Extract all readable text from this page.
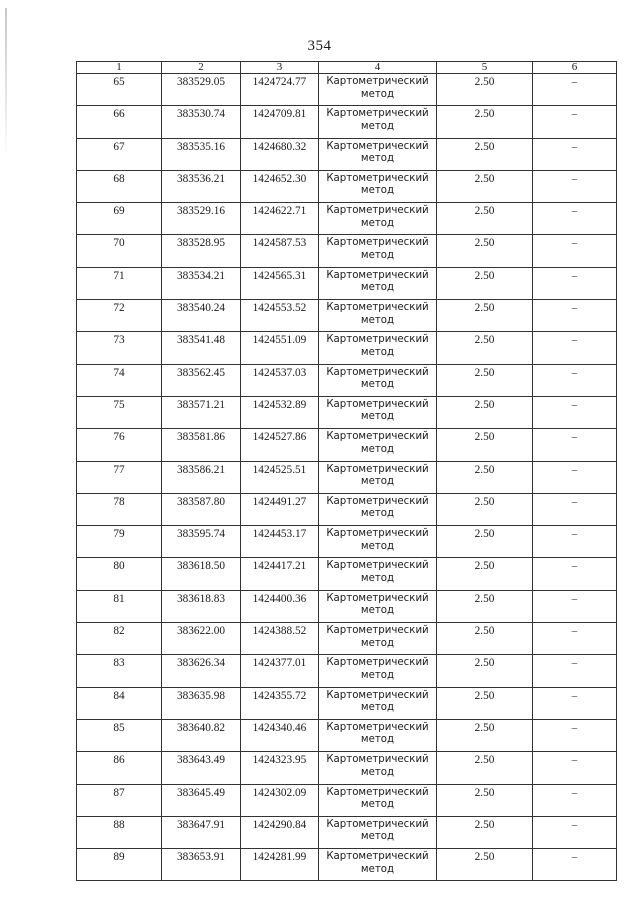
354
1	2	3	4	5	6
65	383529.05	1424724.77	Картометрический
метод	2.50	–
66	383530.74	1424709.81	Картометрический
метод	2.50	–
67	383535.16	1424680.32	Картометрический
метод	2.50	–
68	383536.21	1424652.30	Картометрический
метод	2.50	–
69	383529.16	1424622.71	Картометрический
метод	2.50	–
70	383528.95	1424587.53	Картометрический
метод	2.50	–
71	383534.21	1424565.31	Картометрический
метод	2.50	–
72	383540.24	1424553.52	Картометрический
метод	2.50	–
73	383541.48	1424551.09	Картометрический
метод	2.50	–
74	383562.45	1424537.03	Картометрический
метод	2.50	–
75	383571.21	1424532.89	Картометрический
метод	2.50	–
76	383581.86	1424527.86	Картометрический
метод	2.50	–
77	383586.21	1424525.51	Картометрический
метод	2.50	–
78	383587.80	1424491.27	Картометрический
метод	2.50	–
79	383595.74	1424453.17	Картометрический
метод	2.50	–
80	383618.50	1424417.21	Картометрический
метод	2.50	–
81	383618.83	1424400.36	Картометрический
метод	2.50	–
82	383622.00	1424388.52	Картометрический
метод	2.50	–
83	383626.34	1424377.01	Картометрический
метод	2.50	–
84	383635.98	1424355.72	Картометрический
метод	2.50	–
85	383640.82	1424340.46	Картометрический
метод	2.50	–
86	383643.49	1424323.95	Картометрический
метод	2.50	–
87	383645.49	1424302.09	Картометрический
метод	2.50	–
88	383647.91	1424290.84	Картометрический
метод	2.50	–
89	383653.91	1424281.99	Картометрический
метод	2.50	–
